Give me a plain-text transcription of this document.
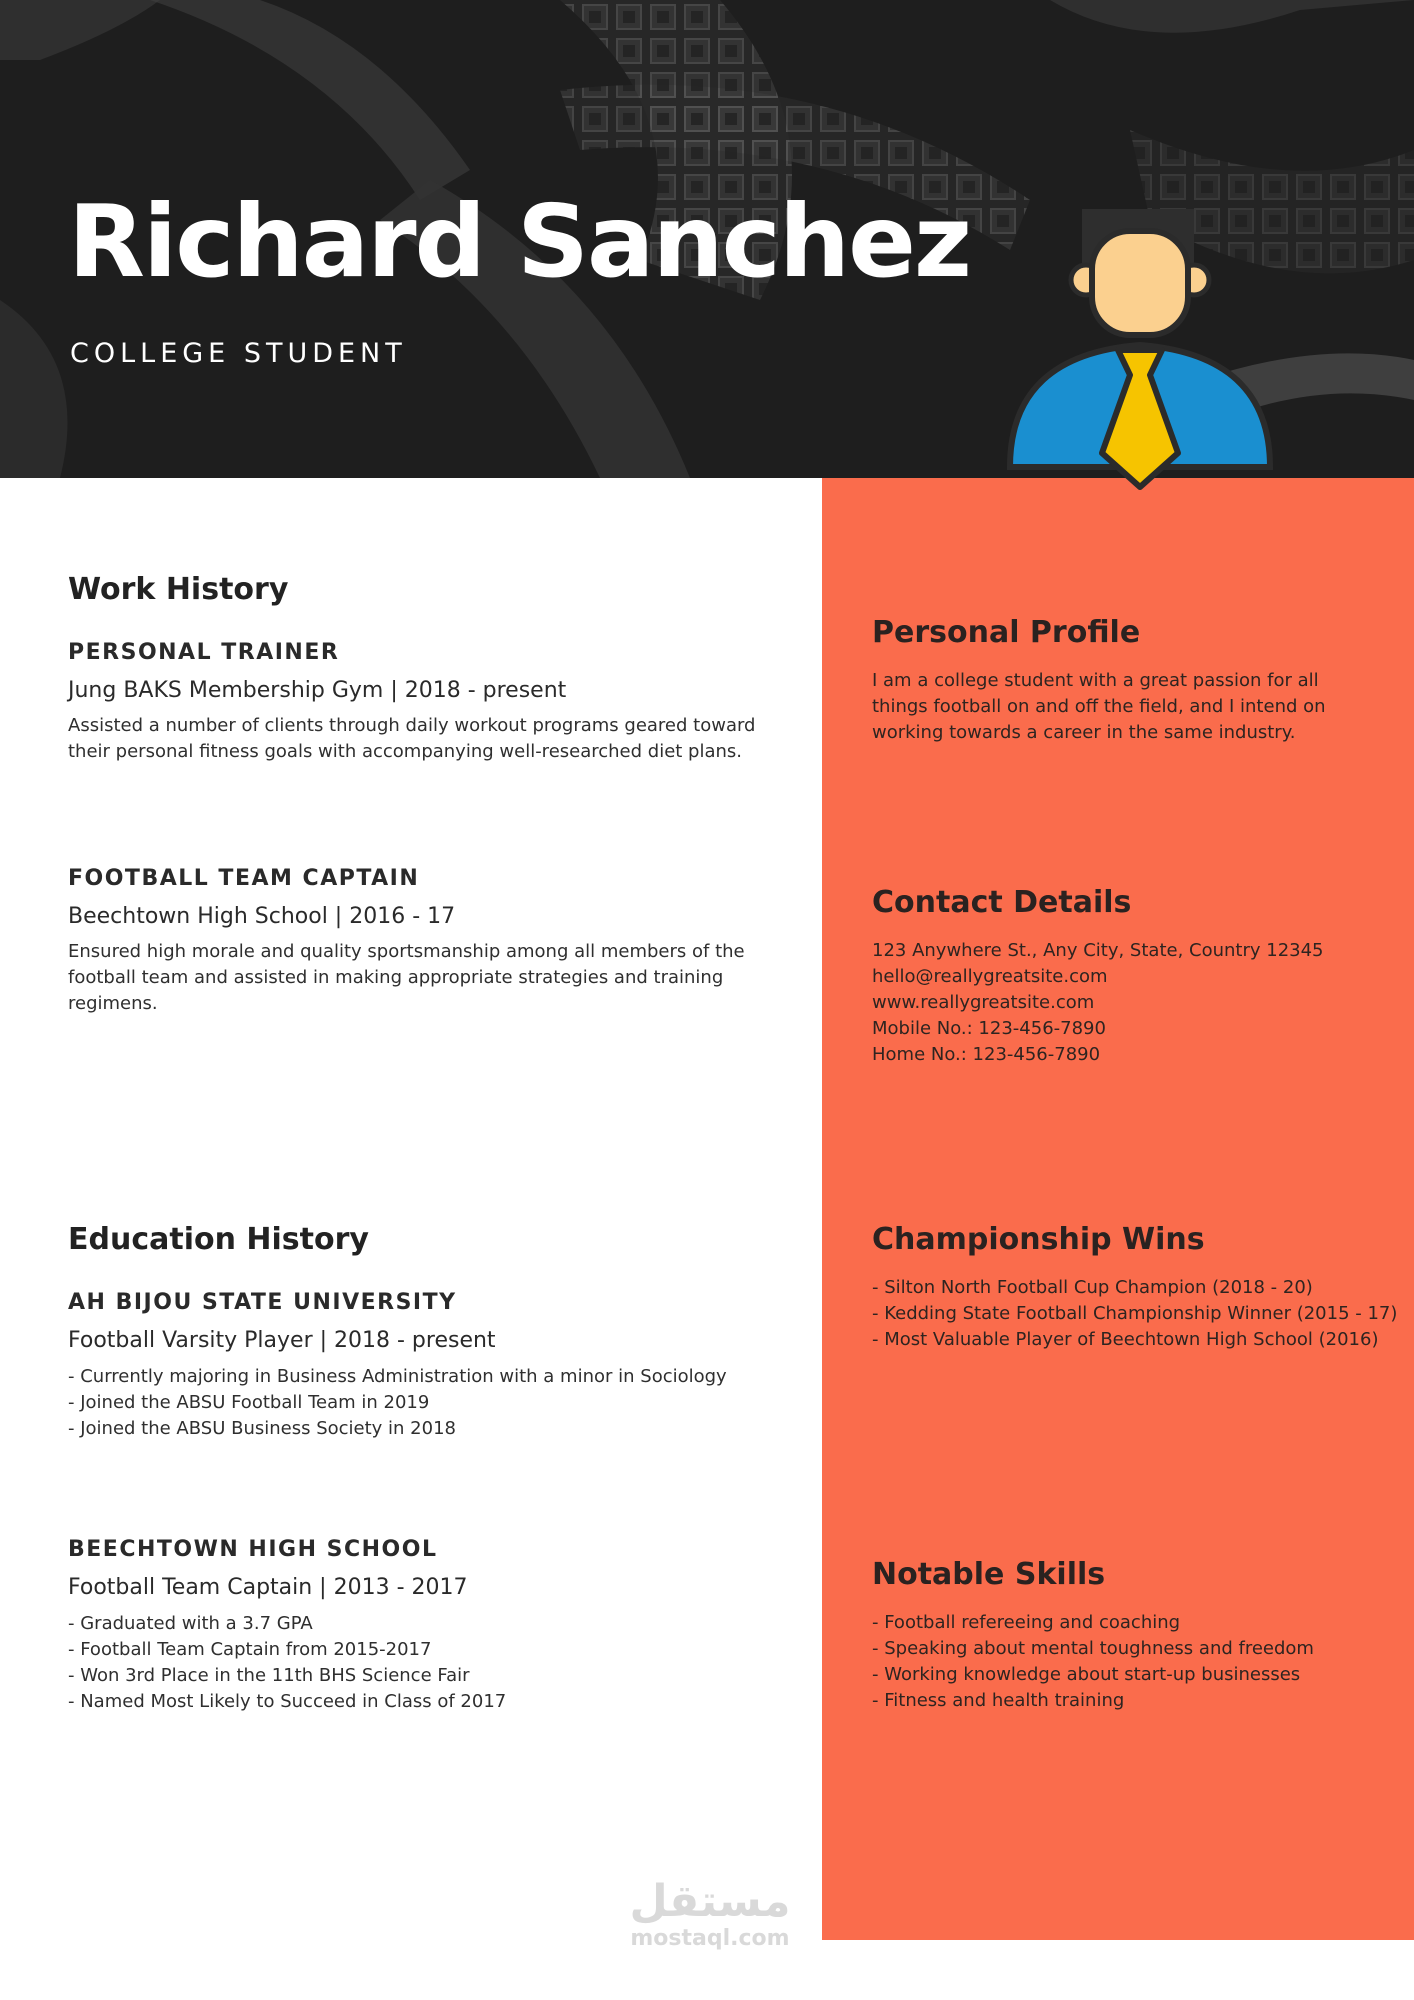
Richard Sanchez
COLLEGE STUDENT
Work History
PERSONAL TRAINER
Jung BAKS Membership Gym | 2018 - present
Assisted a number of clients through daily workout programs geared toward their personal fitness goals with accompanying well-researched diet plans.
FOOTBALL TEAM CAPTAIN
Beechtown High School | 2016 - 17
Ensured high morale and quality sportsmanship among all members of the football team and assisted in making appropriate strategies and training regimens.
Education History
AH BIJOU STATE UNIVERSITY
Football Varsity Player | 2018 - present
- Currently majoring in Business Administration with a minor in Sociology
- Joined the ABSU Football Team in 2019
- Joined the ABSU Business Society in 2018
BEECHTOWN HIGH SCHOOL
Football Team Captain | 2013 - 2017
- Graduated with a 3.7 GPA
- Football Team Captain from 2015-2017
- Won 3rd Place in the 11th BHS Science Fair
- Named Most Likely to Succeed in Class of 2017
Personal Profile
I am a college student with a great passion for all things football on and off the field, and I intend on working towards a career in the same industry.
Contact Details
123 Anywhere St., Any City, State, Country 12345
hello@reallygreatsite.com
www.reallygreatsite.com
Mobile No.: 123-456-7890
Home No.: 123-456-7890
Championship Wins
- Silton North Football Cup Champion (2018 - 20)
- Kedding State Football Championship Winner (2015 - 17)
- Most Valuable Player of Beechtown High School (2016)
Notable Skills
- Football refereeing and coaching
- Speaking about mental toughness and freedom
- Working knowledge about start-up businesses
- Fitness and health training
مستقل
mostaql.com
